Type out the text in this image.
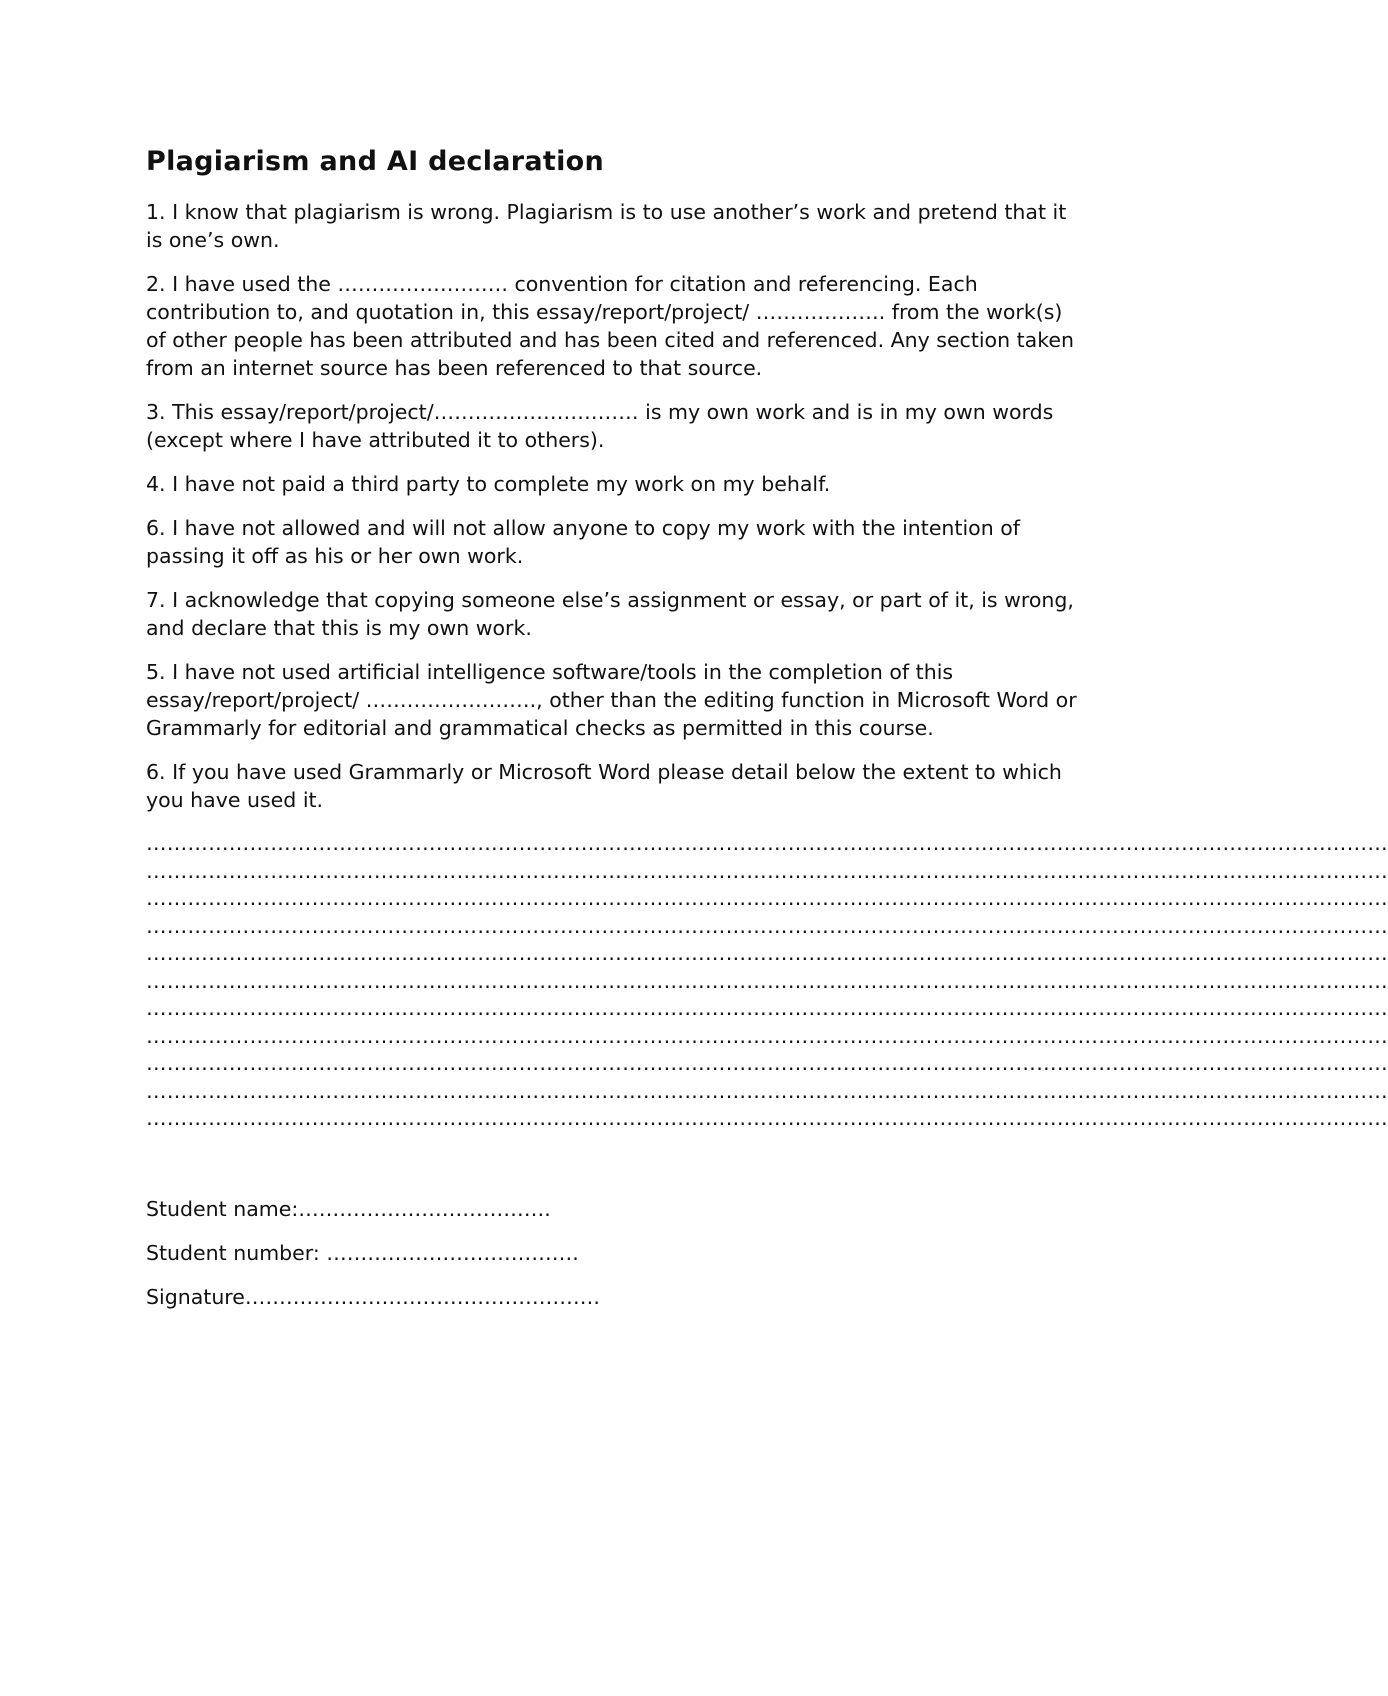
Plagiarism and AI declaration

1. I know that plagiarism is wrong. Plagiarism is to use another’s work and pretend that it is one’s own.

2. I have used the ……………………. convention for citation and referencing. Each contribution to, and quotation in, this essay/report/project/ ………………. from the work(s) of other people has been attributed and has been cited and referenced. Any section taken from an internet source has been referenced to that source.

3. This essay/report/project/………………………… is my own work and is in my own words (except where I have attributed it to others).

4. I have not paid a third party to complete my work on my behalf.

6. I have not allowed and will not allow anyone to copy my work with the intention of passing it off as his or her own work.

7. I acknowledge that copying someone else’s assignment or essay, or part of it, is wrong, and declare that this is my own work.

5. I have not used artificial intelligence software/tools in the completion of this essay/report/project/ ……………………., other than the editing function in Microsoft Word or Grammarly for editorial and grammatical checks as permitted in this course.

6. If you have used Grammarly or Microsoft Word please detail below the extent to which you have used it.

………………………………………………………………………………………………………………………………………………………………
………………………………………………………………………………………………………………………………………………………………
………………………………………………………………………………………………………………………………………………………………
………………………………………………………………………………………………………………………………………………………………
………………………………………………………………………………………………………………………………………………………………
………………………………………………………………………………………………………………………………………………………………
………………………………………………………………………………………………………………………………………………………………
………………………………………………………………………………………………………………………………………………………………
………………………………………………………………………………………………………………………………………………………………
………………………………………………………………………………………………………………………………………………………………
………………………………………………………………………………………………………………………………………………………………

Student name:……………………………….

Student number: ……………………………….

Signature…………………………………………….
